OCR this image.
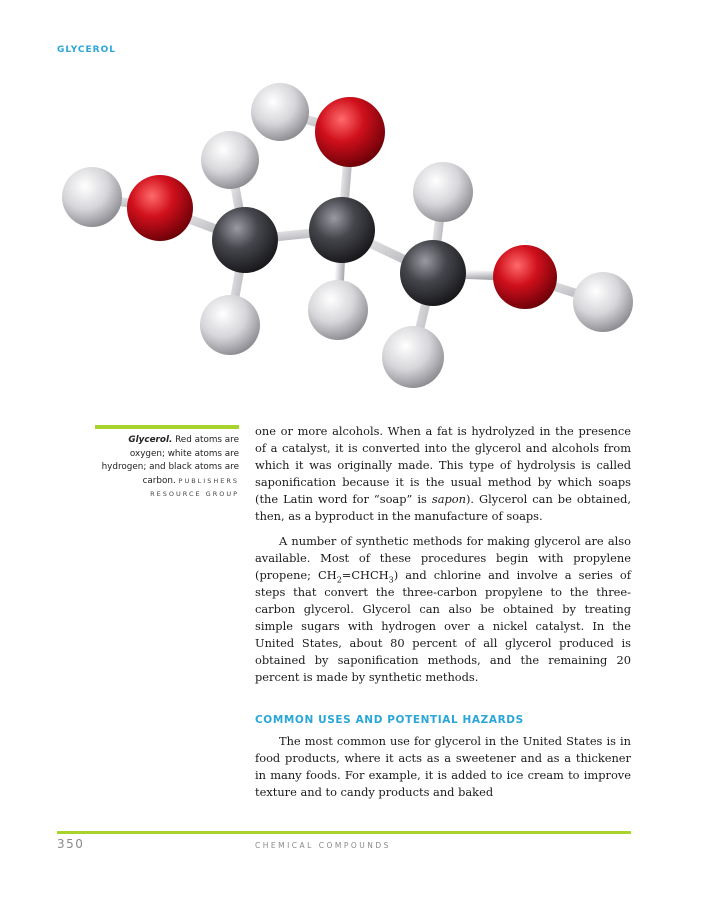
GLYCEROL
Glycerol. Red atoms are oxygen; white atoms are hydrogen; and black atoms are carbon. PUBLISHERS RESOURCE GROUP

one or more alcohols. When a fat is hydrolyzed in the presence of a catalyst, it is converted into the glycerol and alcohols from which it was originally made. This type of hydrolysis is called saponification because it is the usual method by which soaps (the Latin word for “soap” is sapon). Glycerol can be obtained, then, as a byproduct in the manufacture of soaps.

A number of synthetic methods for making glycerol are also available. Most of these procedures begin with propylene (propene; $CH_2=CHCH_3$) and chlorine and involve a series of steps that convert the three-carbon propylene to the three-carbon glycerol. Glycerol can also be obtained by treating simple sugars with hydrogen over a nickel catalyst. In the United States, about 80 percent of all glycerol produced is obtained by saponification methods, and the remaining 20 percent is made by synthetic methods.

COMMON USES AND POTENTIAL HAZARDS

The most common use for glycerol in the United States is in food products, where it acts as a sweetener and as a thickener in many foods. For example, it is added to ice cream to improve texture and to candy products and baked

350	CHEMICAL COMPOUNDS
